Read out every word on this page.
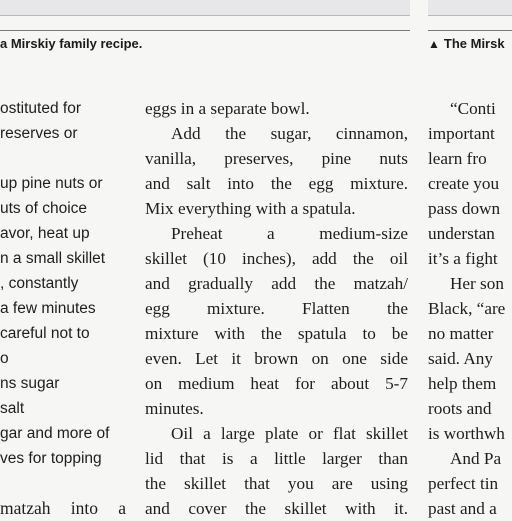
a Mirskiy family recipe.	▲ The Mirsk
ostituted for
reserves or
up pine nuts or
uts of choice
avor, heat up
n a small skillet
, constantly
a few minutes
careful not to
o
ns sugar
salt
gar and more of
ves for topping
matzah into a
eggs in a separate bowl.
Add the sugar, cinnamon,
vanilla, preserves, pine nuts
and salt into the egg mixture.
Mix everything with a spatula.
Preheat a medium-size
skillet (10 inches), add the oil
and gradually add the matzah/
egg mixture. Flatten the
mixture with the spatula to be
even. Let it brown on one side
on medium heat for about 5-7
minutes.
Oil a large plate or flat skillet
lid that is a little larger than
the skillet that you are using
and cover the skillet with it.
“Conti
important
learn fro
create you
pass down
understan
it’s a fight
Her son
Black, “are
no matter
said. Any
help them
roots and
is worthwh
And Pa
perfect tin
past and a
